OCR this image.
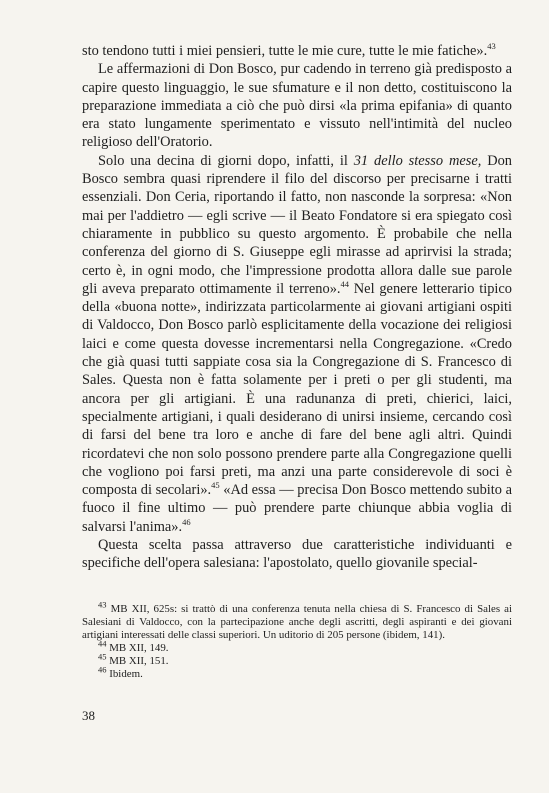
sto tendono tutti i miei pensieri, tutte le mie cure, tutte le mie fatiche».$^{43}$

Le affermazioni di Don Bosco, pur cadendo in terreno già predisposto a capire questo linguaggio, le sue sfumature e il non detto, costituiscono la preparazione immediata a ciò che può dirsi «la prima epifania» di quanto era stato lungamente sperimentato e vissuto nell'intimità del nucleo religioso dell'Oratorio.

Solo una decina di giorni dopo, infatti, il 31 dello stesso mese, Don Bosco sembra quasi riprendere il filo del discorso per precisarne i tratti essenziali. Don Ceria, riportando il fatto, non nasconde la sorpresa: «Non mai per l'addietro — egli scrive — il Beato Fondatore si era spiegato così chiaramente in pubblico su questo argomento. È probabile che nella conferenza del giorno di S. Giuseppe egli mirasse ad aprirvisi la strada; certo è, in ogni modo, che l'impressione prodotta allora dalle sue parole gli aveva preparato ottimamente il terreno».$^{44}$ Nel genere letterario tipico della «buona notte», indirizzata particolarmente ai giovani artigiani ospiti di Valdocco, Don Bosco parlò esplicitamente della vocazione dei religiosi laici e come questa dovesse incrementarsi nella Congregazione. «Credo che già quasi tutti sappiate cosa sia la Congregazione di S. Francesco di Sales. Questa non è fatta solamente per i preti o per gli studenti, ma ancora per gli artigiani. È una radunanza di preti, chierici, laici, specialmente artigiani, i quali desiderano di unirsi insieme, cercando così di farsi del bene tra loro e anche di fare del bene agli altri. Quindi ricordatevi che non solo possono prendere parte alla Congregazione quelli che vogliono poi farsi preti, ma anzi una parte considerevole di soci è composta di secolari».$^{45}$ «Ad essa — precisa Don Bosco mettendo subito a fuoco il fine ultimo — può prendere parte chiunque abbia voglia di salvarsi l'anima».$^{46}$

Questa scelta passa attraverso due caratteristiche individuanti e specifiche dell'opera salesiana: l'apostolato, quello giovanile special-

$^{43}$ MB XII, 625s: si trattò di una conferenza tenuta nella chiesa di S. Francesco di Sales ai Salesiani di Valdocco, con la partecipazione anche degli ascritti, degli aspiranti e dei giovani artigiani interessati delle classi superiori. Un uditorio di 205 persone (ibidem, 141).

$^{44}$ MB XII, 149.

$^{45}$ MB XII, 151.

$^{46}$ Ibidem.

38
